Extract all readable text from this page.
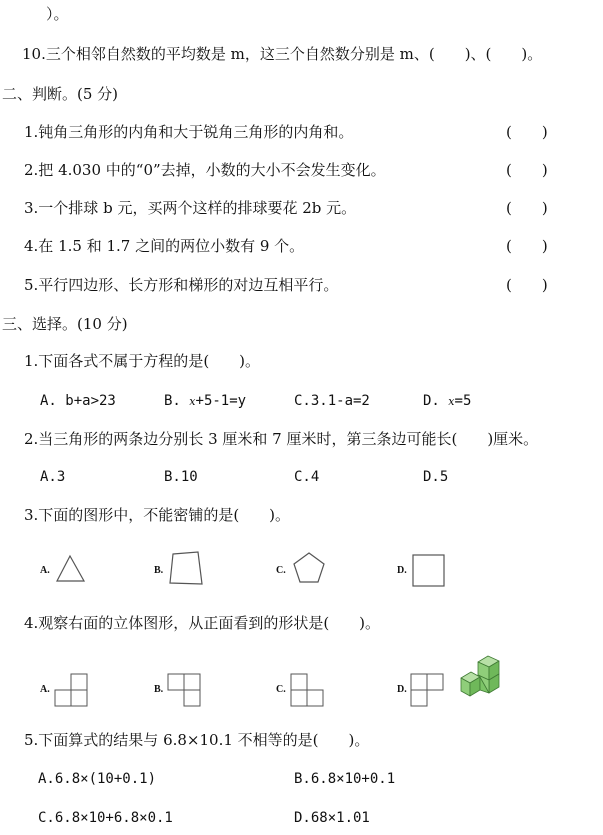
）。
10.三个相邻自然数的平均数是 m，这三个自然数分别是 m、(　　)、(　　)。
二、判断。(5 分)
1.钝角三角形的内角和大于锐角三角形的内角和。	(　　)
2.把 4.030 中的“0”去掉，小数的大小不会发生变化。	(　　)
3.一个排球 b 元，买两个这样的排球要花 2b 元。	(　　)
4.在 1.5 和 1.7 之间的两位小数有 9 个。	(　　)
5.平行四边形、长方形和梯形的对边互相平行。	(　　)
三、选择。(10 分)
1.下面各式不属于方程的是(　　)。
A. b+a>23	B. x+5-1=y	C.3.1-a=2	D. x=5
2.当三角形的两条边分别长 3 厘米和 7 厘米时，第三条边可能长(　　)厘米。
A.3	B.10	C.4	D.5
3.下面的图形中，不能密铺的是(　　)。
A.	B.	C.	D.
4.观察右面的立体图形，从正面看到的形状是(　　)。
A.	B.	C.	D.
5.下面算式的结果与 6.8×10.1 不相等的是(　　)。
A.6.8×(10+0.1)	B.6.8×10+0.1
C.6.8×10+6.8×0.1	D.68×1.01
